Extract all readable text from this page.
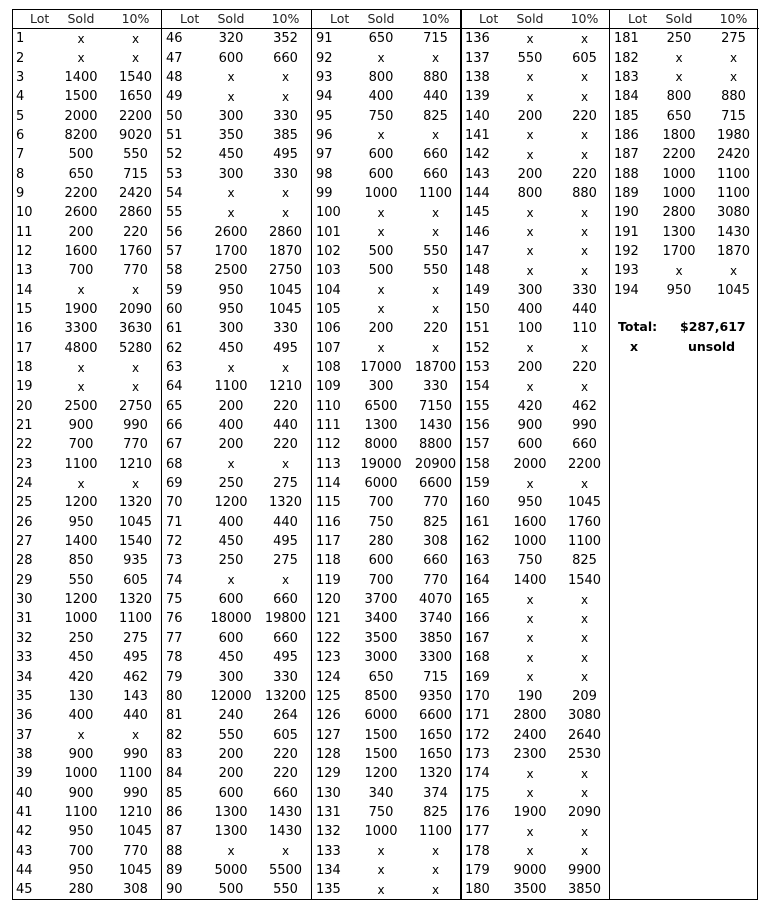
Lot	Sold	10%
1	x	x
2	x	x
3	1400	1540
4	1500	1650
5	2000	2200
6	8200	9020
7	500	550
8	650	715
9	2200	2420
10	2600	2860
11	200	220
12	1600	1760
13	700	770
14	x	x
15	1900	2090
16	3300	3630
17	4800	5280
18	x	x
19	x	x
20	2500	2750
21	900	990
22	700	770
23	1100	1210
24	x	x
25	1200	1320
26	950	1045
27	1400	1540
28	850	935
29	550	605
30	1200	1320
31	1000	1100
32	250	275
33	450	495
34	420	462
35	130	143
36	400	440
37	x	x
38	900	990
39	1000	1100
40	900	990
41	1100	1210
42	950	1045
43	700	770
44	950	1045
45	280	308
Lot	Sold	10%
46	320	352
47	600	660
48	x	x
49	x	x
50	300	330
51	350	385
52	450	495
53	300	330
54	x	x
55	x	x
56	2600	2860
57	1700	1870
58	2500	2750
59	950	1045
60	950	1045
61	300	330
62	450	495
63	x	x
64	1100	1210
65	200	220
66	400	440
67	200	220
68	x	x
69	250	275
70	1200	1320
71	400	440
72	450	495
73	250	275
74	x	x
75	600	660
76	18000	19800
77	600	660
78	450	495
79	300	330
80	12000	13200
81	240	264
82	550	605
83	200	220
84	200	220
85	600	660
86	1300	1430
87	1300	1430
88	x	x
89	5000	5500
90	500	550
Lot	Sold	10%
91	650	715
92	x	x
93	800	880
94	400	440
95	750	825
96	x	x
97	600	660
98	600	660
99	1000	1100
100	x	x
101	x	x
102	500	550
103	500	550
104	x	x
105	x	x
106	200	220
107	x	x
108	17000	18700
109	300	330
110	6500	7150
111	1300	1430
112	8000	8800
113	19000	20900
114	6000	6600
115	700	770
116	750	825
117	280	308
118	600	660
119	700	770
120	3700	4070
121	3400	3740
122	3500	3850
123	3000	3300
124	650	715
125	8500	9350
126	6000	6600
127	1500	1650
128	1500	1650
129	1200	1320
130	340	374
131	750	825
132	1000	1100
133	x	x
134	x	x
135	x	x
Lot	Sold	10%
136	x	x
137	550	605
138	x	x
139	x	x
140	200	220
141	x	x
142	x	x
143	200	220
144	800	880
145	x	x
146	x	x
147	x	x
148	x	x
149	300	330
150	400	440
151	100	110
152	x	x
153	200	220
154	x	x
155	420	462
156	900	990
157	600	660
158	2000	2200
159	x	x
160	950	1045
161	1600	1760
162	1000	1100
163	750	825
164	1400	1540
165	x	x
166	x	x
167	x	x
168	x	x
169	x	x
170	190	209
171	2800	3080
172	2400	2640
173	2300	2530
174	x	x
175	x	x
176	1900	2090
177	x	x
178	x	x
179	9000	9900
180	3500	3850
Lot	Sold	10%
181	250	275
182	x	x
183	x	x
184	800	880
185	650	715
186	1800	1980
187	2200	2420
188	1000	1100
189	1000	1100
190	2800	3080
191	1300	1430
192	1700	1870
193	x	x
194	950	1045
Total: $287,617
x	unsold
